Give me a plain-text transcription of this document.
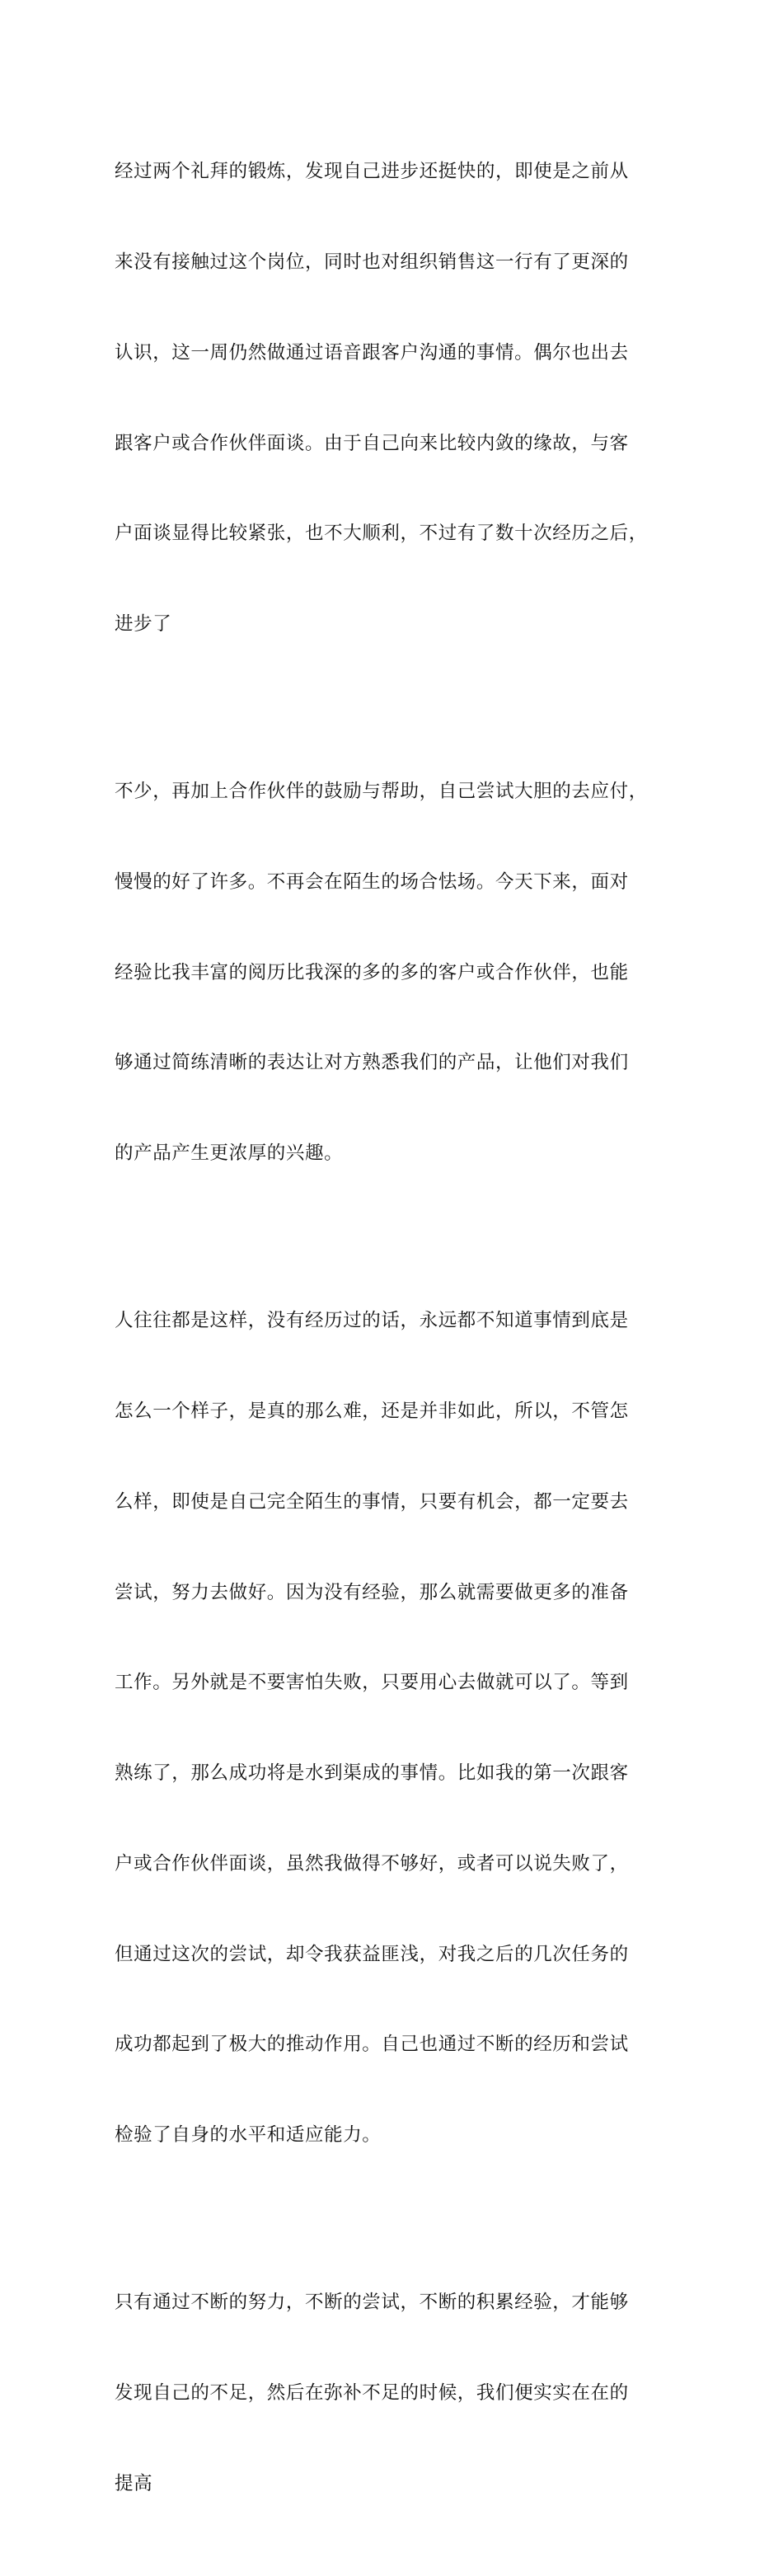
经过两个礼拜的锻炼，发现自己进步还挺快的，即使是之前从

来没有接触过这个岗位，同时也对组织销售这一行有了更深的

认识，这一周仍然做通过语音跟客户沟通的事情。偶尔也出去

跟客户或合作伙伴面谈。由于自己向来比较内敛的缘故，与客

户面谈显得比较紧张，也不大顺利，不过有了数十次经历之后，

进步了

不少，再加上合作伙伴的鼓励与帮助，自己尝试大胆的去应付，

慢慢的好了许多。不再会在陌生的场合怯场。今天下来，面对

经验比我丰富的阅历比我深的多的多的客户或合作伙伴，也能

够通过简练清晰的表达让对方熟悉我们的产品，让他们对我们

的产品产生更浓厚的兴趣。

人往往都是这样，没有经历过的话，永远都不知道事情到底是

怎么一个样子，是真的那么难，还是并非如此，所以，不管怎

么样，即使是自己完全陌生的事情，只要有机会，都一定要去

尝试，努力去做好。因为没有经验，那么就需要做更多的准备

工作。另外就是不要害怕失败，只要用心去做就可以了。等到

熟练了，那么成功将是水到渠成的事情。比如我的第一次跟客

户或合作伙伴面谈，虽然我做得不够好，或者可以说失败了，

但通过这次的尝试，却令我获益匪浅，对我之后的几次任务的

成功都起到了极大的推动作用。自己也通过不断的经历和尝试

检验了自身的水平和适应能力。

只有通过不断的努力，不断的尝试，不断的积累经验，才能够

发现自己的不足，然后在弥补不足的时候，我们便实实在在的

提高
